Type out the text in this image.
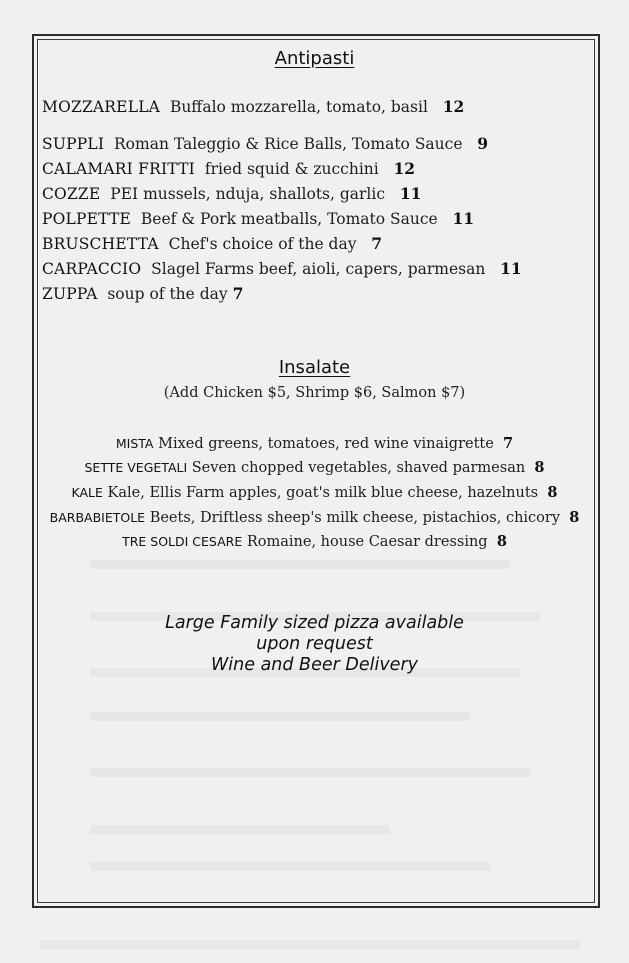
Antipasti
MOZZARELLA Buffalo mozzarella, tomato, basil 12
SUPPLI Roman Taleggio & Rice Balls, Tomato Sauce 9
CALAMARI FRITTI fried squid & zucchini 12
COZZE PEI mussels, nduja, shallots, garlic 11
POLPETTE Beef & Pork meatballs, Tomato Sauce 11
BRUSCHETTA Chef's choice of the day 7
CARPACCIO Slagel Farms beef, aioli, capers, parmesan 11
ZUPPA soup of the day 7
Insalate
(Add Chicken $5, Shrimp $6, Salmon $7)
MISTA Mixed greens, tomatoes, red wine vinaigrette 7
SETTE VEGETALI Seven chopped vegetables, shaved parmesan 8
KALE Kale, Ellis Farm apples, goat's milk blue cheese, hazelnuts 8
BARBABIETOLE Beets, Driftless sheep's milk cheese, pistachios, chicory 8
TRE SOLDI CESARE Romaine, house Caesar dressing 8
Large Family sized pizza available
upon request
Wine and Beer Delivery
